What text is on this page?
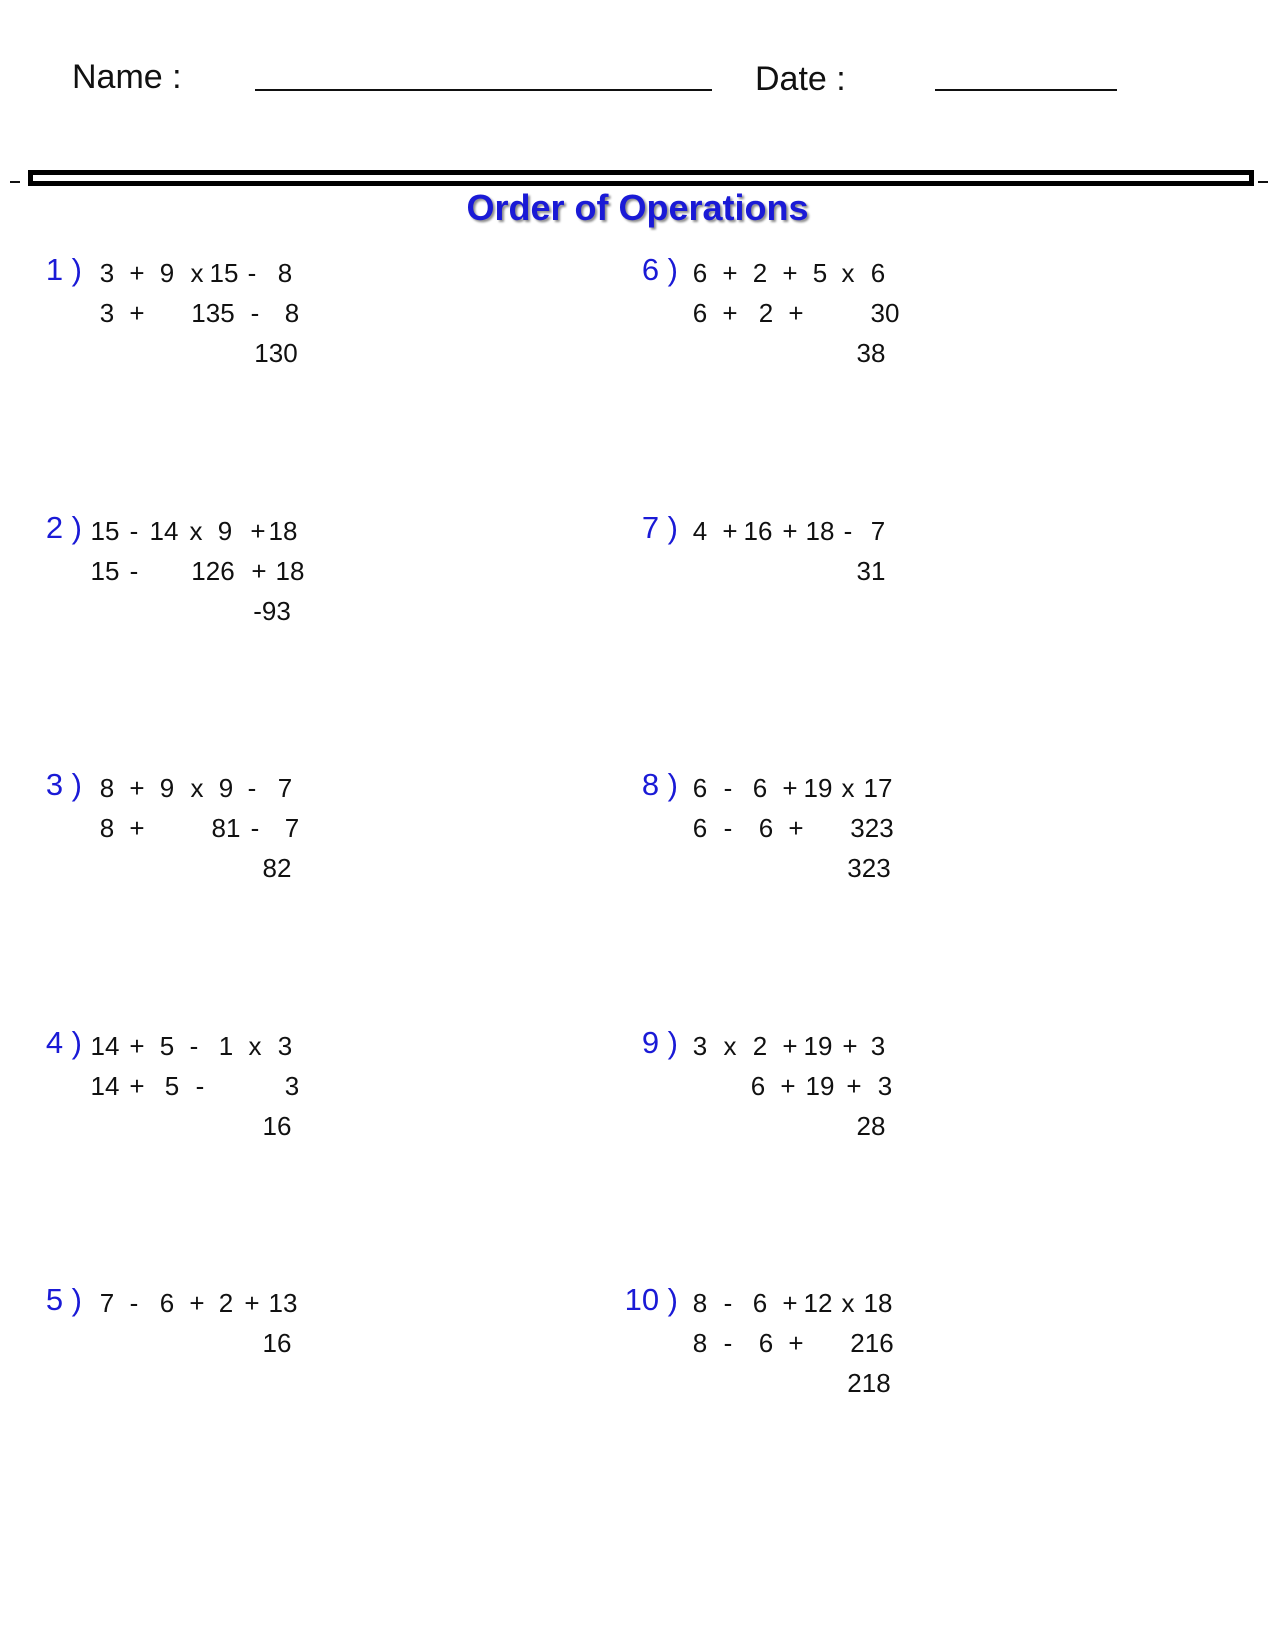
Name :	Date :
Order of Operations
1 ) 3 + 9 x 15 - 8
3 + 135 - 8
130
2 ) 15 - 14 x 9 + 18
15 - 126 + 18
-93
3 ) 8 + 9 x 9 - 7
8 +	81 - 7
82
4 ) 14 + 5 - 1 x 3
14 + 5 -	3
16
5 ) 7 - 6 + 2 + 13
16
6 ) 6 + 2 + 5 x 6
6 + 2 +	30
38
7 ) 4 + 16 + 18 - 7
31
8 ) 6 - 6 + 19 x 17
6 - 6 + 323
323
9 ) 3 x 2 + 19 + 3
6 + 19 + 3
28
10 ) 8 - 6 + 12 x 18
8 - 6 + 216
218
